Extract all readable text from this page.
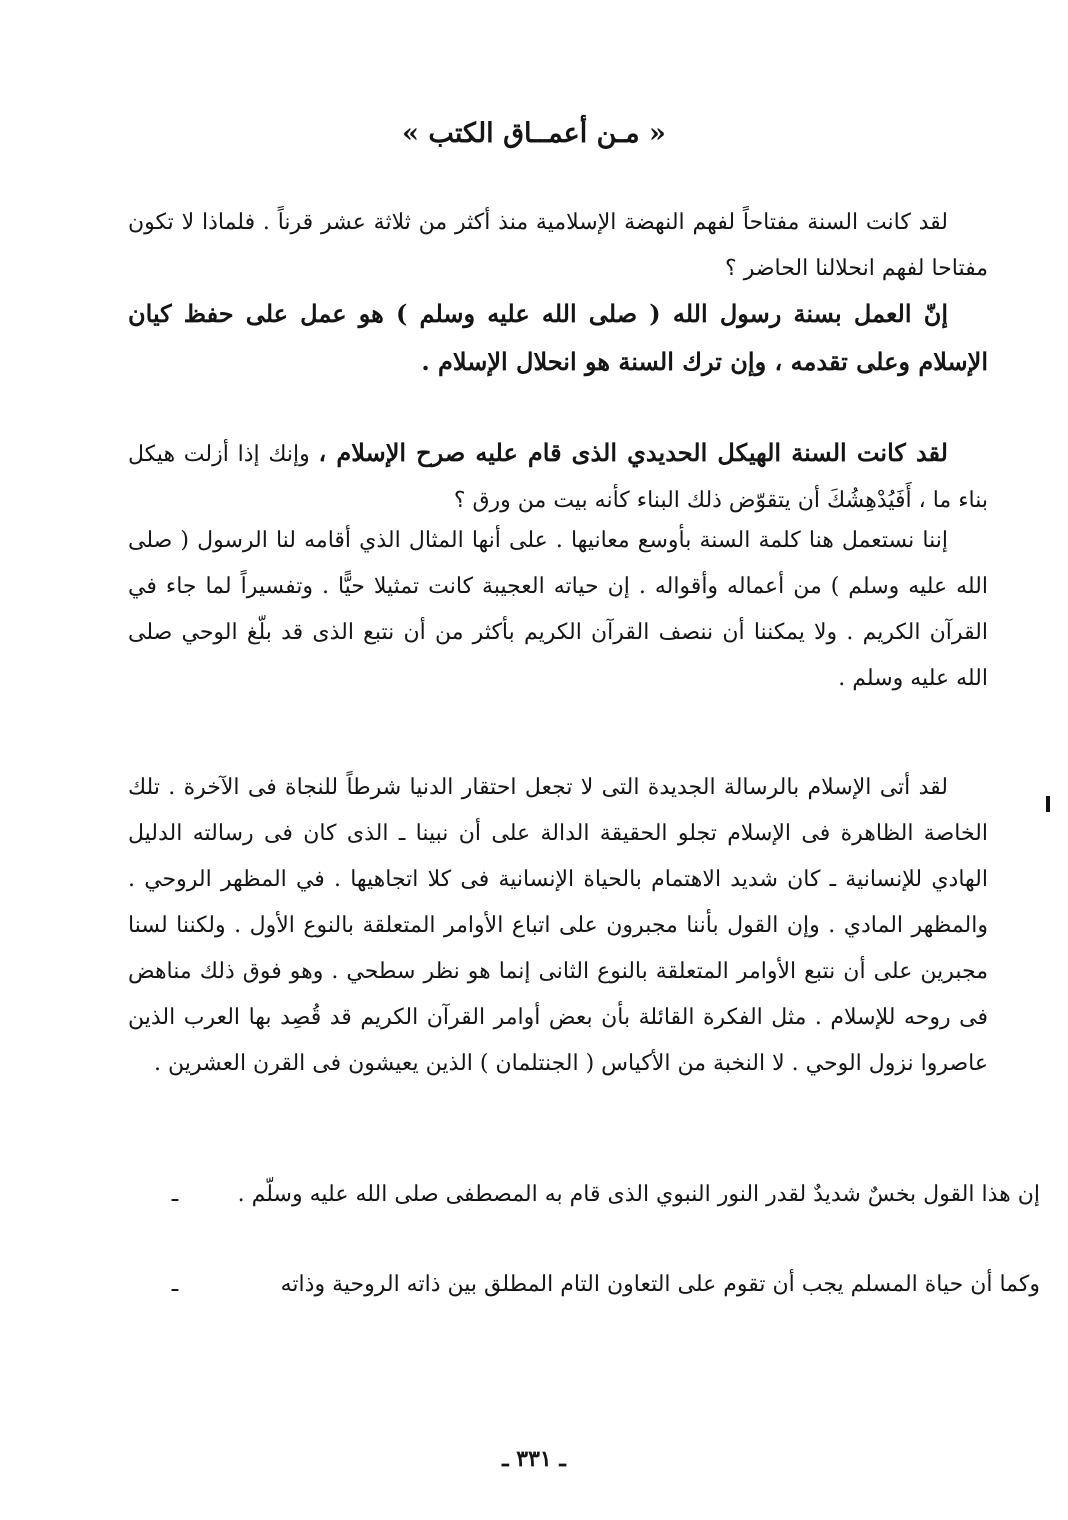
« مـن أعمــاق الكتب »

لقد كانت السنة مفتاحاً لفهم النهضة الإسلامية منذ أكثر من ثلاثة عشر قرناً . فلماذا لا تكون مفتاحا لفهم انحلالنا الحاضر ؟

إنّ العمل بسنة رسول الله ( صلى الله عليه وسلم ) هو عمل على حفظ كيان الإسلام وعلى تقدمه ، وإن ترك السنة هو انحلال الإسلام .

لقد كانت السنة الهيكل الحديدي الذى قام عليه صرح الإسلام ، وإنك إذا أزلت هيكل بناء ما ، أَفَيُدْهِشُكَ أن يتقوّض ذلك البناء كأنه بيت من ورق ؟

إننا نستعمل هنا كلمة السنة بأوسع معانيها . على أنها المثال الذي أقامه لنا الرسول ( صلى الله عليه وسلم ) من أعماله وأقواله . إن حياته العجيبة كانت تمثيلا حيًّا . وتفسيراً لما جاء في القرآن الكريم . ولا يمكننا أن ننصف القرآن الكريم بأكثر من أن نتبع الذى قد بلّغ الوحي صلى الله عليه وسلم .

لقد أتى الإسلام بالرسالة الجديدة التى لا تجعل احتقار الدنيا شرطاً للنجاة فى الآخرة . تلك الخاصة الظاهرة فى الإسلام تجلو الحقيقة الدالة على أن نبينا ـ الذى كان فى رسالته الدليل الهادي للإنسانية ـ كان شديد الاهتمام بالحياة الإنسانية فى كلا اتجاهيها . في المظهر الروحي . والمظهر المادي . وإن القول بأننا مجبرون على اتباع الأوامر المتعلقة بالنوع الأول . ولكننا لسنا مجبرين على أن نتبع الأوامر المتعلقة بالنوع الثانى إنما هو نظر سطحي . وهو فوق ذلك مناهض فى روحه للإسلام . مثل الفكرة القائلة بأن بعض أوامر القرآن الكريم قد قُصِد بها العرب الذين عاصروا نزول الوحي . لا النخبة من الأكياس ( الجنتلمان ) الذين يعيشون فى القرن العشرين .

إن هذا القول بخسٌ شديدٌ لقدر النور النبوي الذى قام به المصطفى صلى الله عليه وسلّم .
ـ
وكما أن حياة المسلم يجب أن تقوم على التعاون التام المطلق بين ذاته الروحية وذاته
ـ
ـ ٣٣١ ـ
